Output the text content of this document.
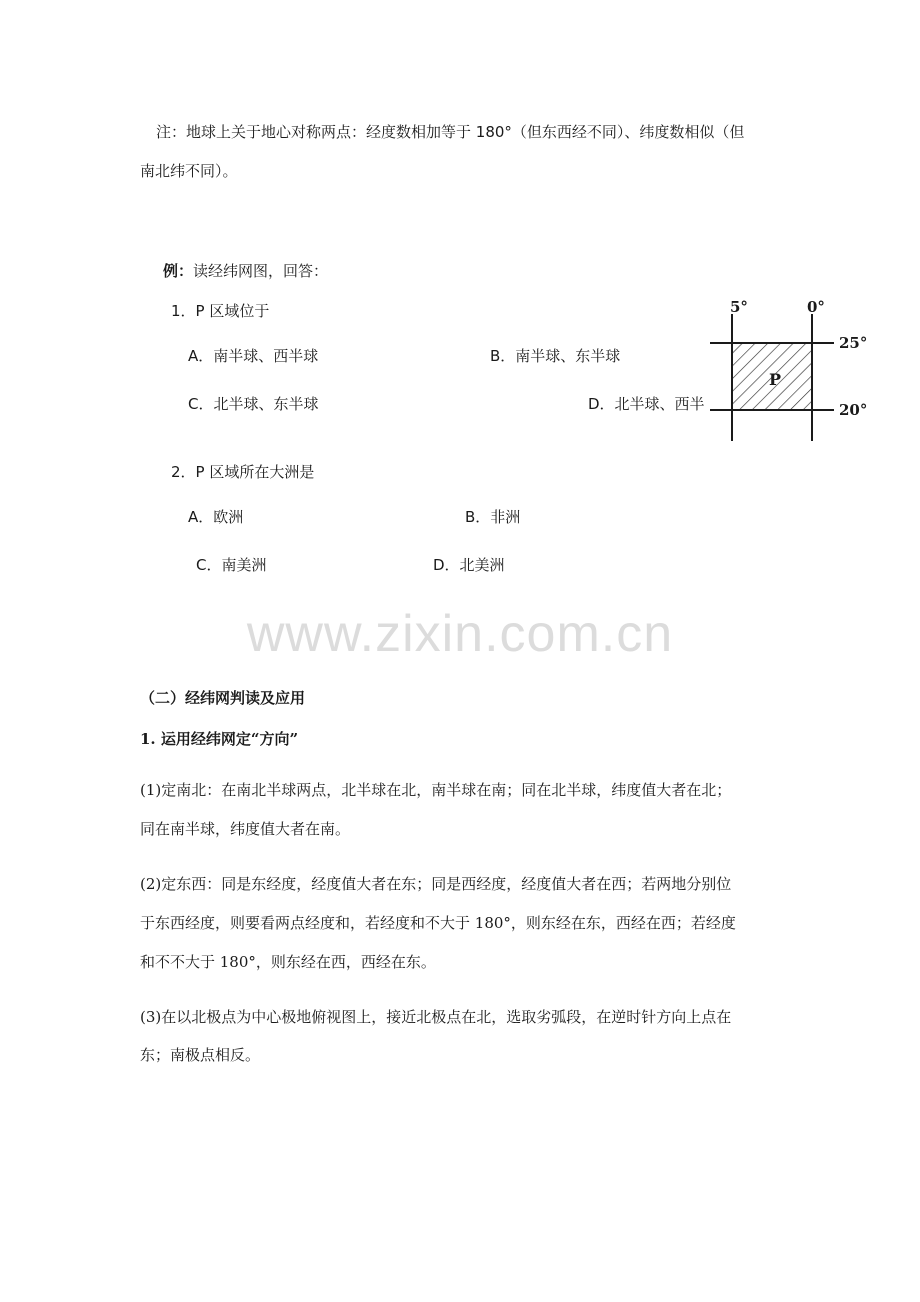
注：地球上关于地心对称两点：经度数相加等于 180°（但东西经不同）、纬度数相似（但
南北纬不同）。
例：读经纬网图，回答：
1．P 区域位于
A．南半球、西半球	B．南半球、东半球
C．北半球、东半球	D．北半球、西半
2．P 区域所在大洲是
A．欧洲	B．非洲
C．南美洲	D．北美洲
5°	0°
25°
20°
P
www.zixin.com.cn
（二）经纬网判读及应用
1. 运用经纬网定“方向”
(1)定南北：在南北半球两点，北半球在北，南半球在南；同在北半球，纬度值大者在北；
同在南半球，纬度值大者在南。
(2)定东西：同是东经度，经度值大者在东；同是西经度，经度值大者在西；若两地分别位
于东西经度，则要看两点经度和，若经度和不大于 180°，则东经在东，西经在西；若经度
和不不大于 180°，则东经在西，西经在东。
(3)在以北极点为中心极地俯视图上，接近北极点在北，选取劣弧段，在逆时针方向上点在
东；南极点相反。
